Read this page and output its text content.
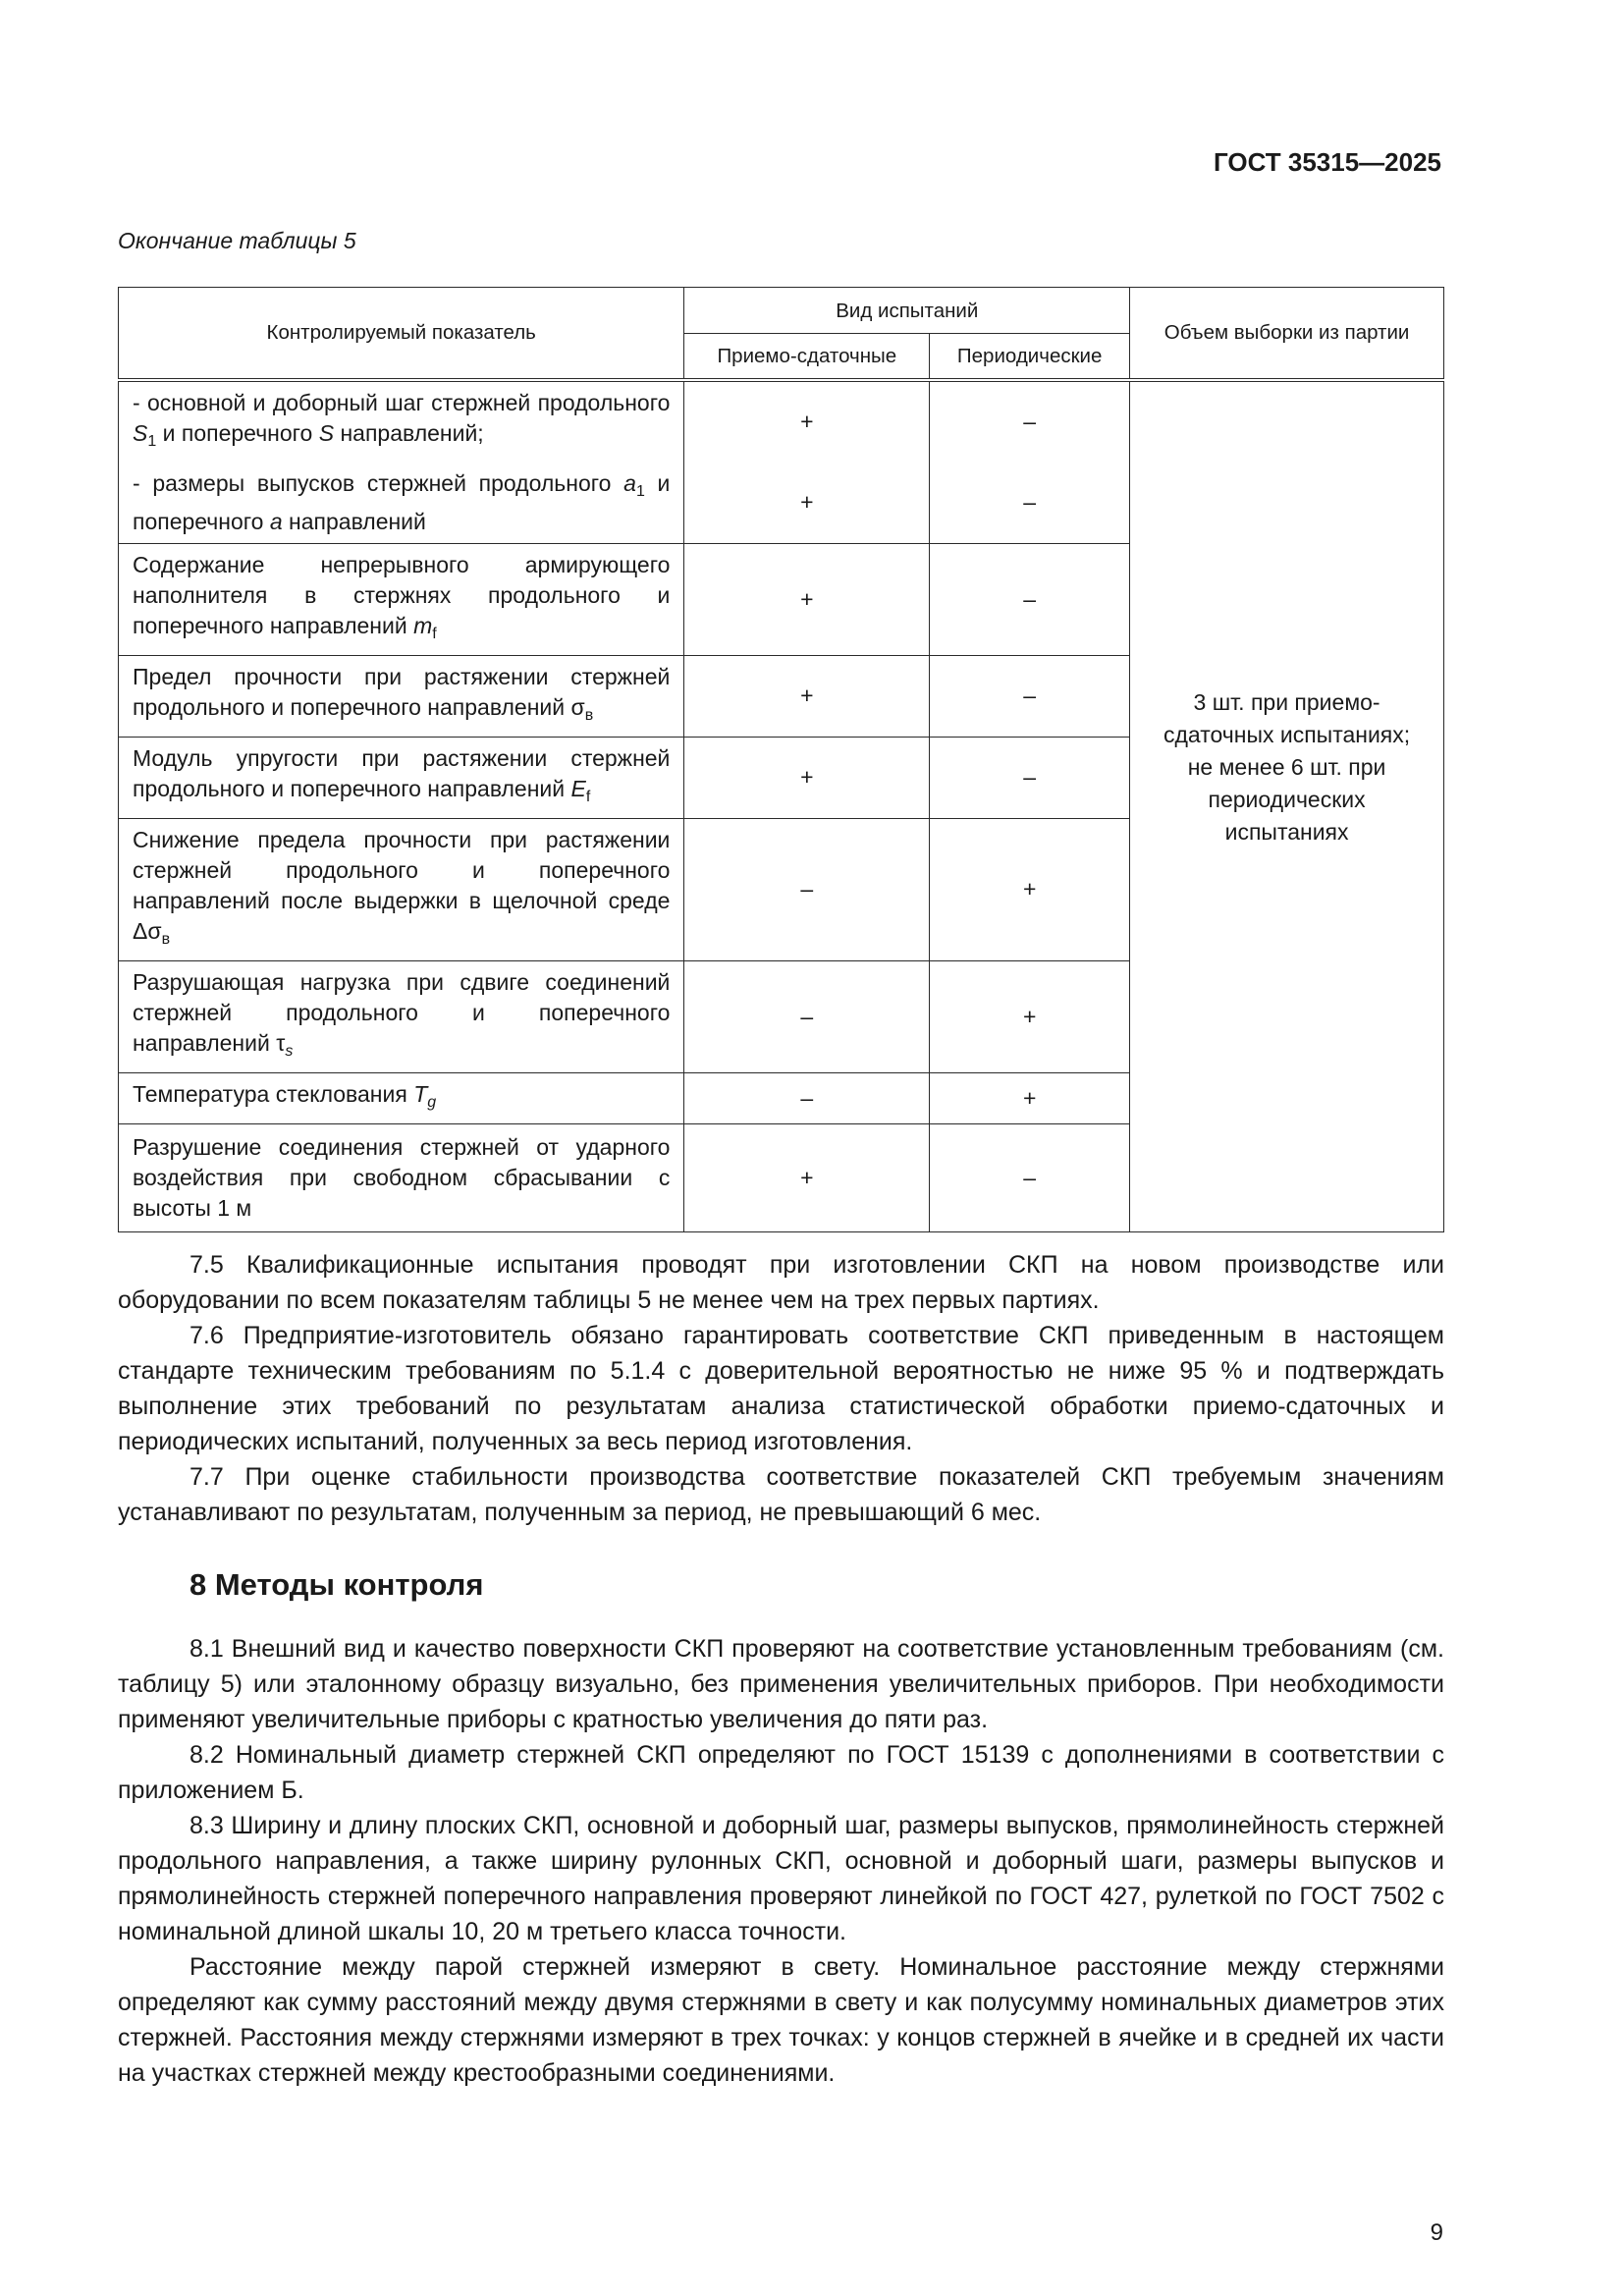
ГОСТ 35315—2025
Окончание таблицы 5
Контролируемый показатель	Вид испытаний		Объем выборки из партии
	Приемо-сдаточные	Периодические	
- основной и доборный шаг стержней продольного $S_1$ и поперечного S направлений;	+	–	3 шт. при приемо-сдаточных испытаниях; не менее 6 шт. при периодических испытаниях
- размеры выпусков стержней продольного $a_1$ и поперечного a направлений	+	–	
Содержание непрерывного армирующего наполнителя в стержнях продольного и поперечного направлений $m_f$	+	–	
Предел прочности при растяжении стержней продольного и поперечного направлений $\sigma_в$	+	–	
Модуль упругости при растяжении стержней продольного и поперечного направлений $E_f$	+	–	
Снижение предела прочности при растяжении стержней продольного и поперечного направлений после выдержки в щелочной среде $\Delta\sigma_в$	–	+	
Разрушающая нагрузка при сдвиге соединений стержней продольного и поперечного направлений $\tau_s$	–	+	
Температура стеклования $T_g$	–	+	
Разрушение соединения стержней от ударного воздействия при свободном сбрасывании с высоты 1 м	+	–	

7.5 Квалификационные испытания проводят при изготовлении СКП на новом производстве или оборудовании по всем показателям таблицы 5 не менее чем на трех первых партиях.

7.6 Предприятие-изготовитель обязано гарантировать соответствие СКП приведенным в настоящем стандарте техническим требованиям по 5.1.4 с доверительной вероятностью не ниже 95 % и подтверждать выполнение этих требований по результатам анализа статистической обработки приемо-сдаточных и периодических испытаний, полученных за весь период изготовления.

7.7 При оценке стабильности производства соответствие показателей СКП требуемым значениям устанавливают по результатам, полученным за период, не превышающий 6 мес.

8 Методы контроля

8.1 Внешний вид и качество поверхности СКП проверяют на соответствие установленным требованиям (см. таблицу 5) или эталонному образцу визуально, без применения увеличительных приборов. При необходимости применяют увеличительные приборы с кратностью увеличения до пяти раз.

8.2 Номинальный диаметр стержней СКП определяют по ГОСТ 15139 с дополнениями в соответствии с приложением Б.

8.3 Ширину и длину плоских СКП, основной и доборный шаг, размеры выпусков, прямолинейность стержней продольного направления, а также ширину рулонных СКП, основной и доборный шаги, размеры выпусков и прямолинейность стержней поперечного направления проверяют линейкой по ГОСТ 427, рулеткой по ГОСТ 7502 с номинальной длиной шкалы 10, 20 м третьего класса точности.

Расстояние между парой стержней измеряют в свету. Номинальное расстояние между стержнями определяют как сумму расстояний между двумя стержнями в свету и как полусумму номинальных диаметров этих стержней. Расстояния между стержнями измеряют в трех точках: у концов стержней в ячейке и в средней их части на участках стержней между крестообразными соединениями.

9
